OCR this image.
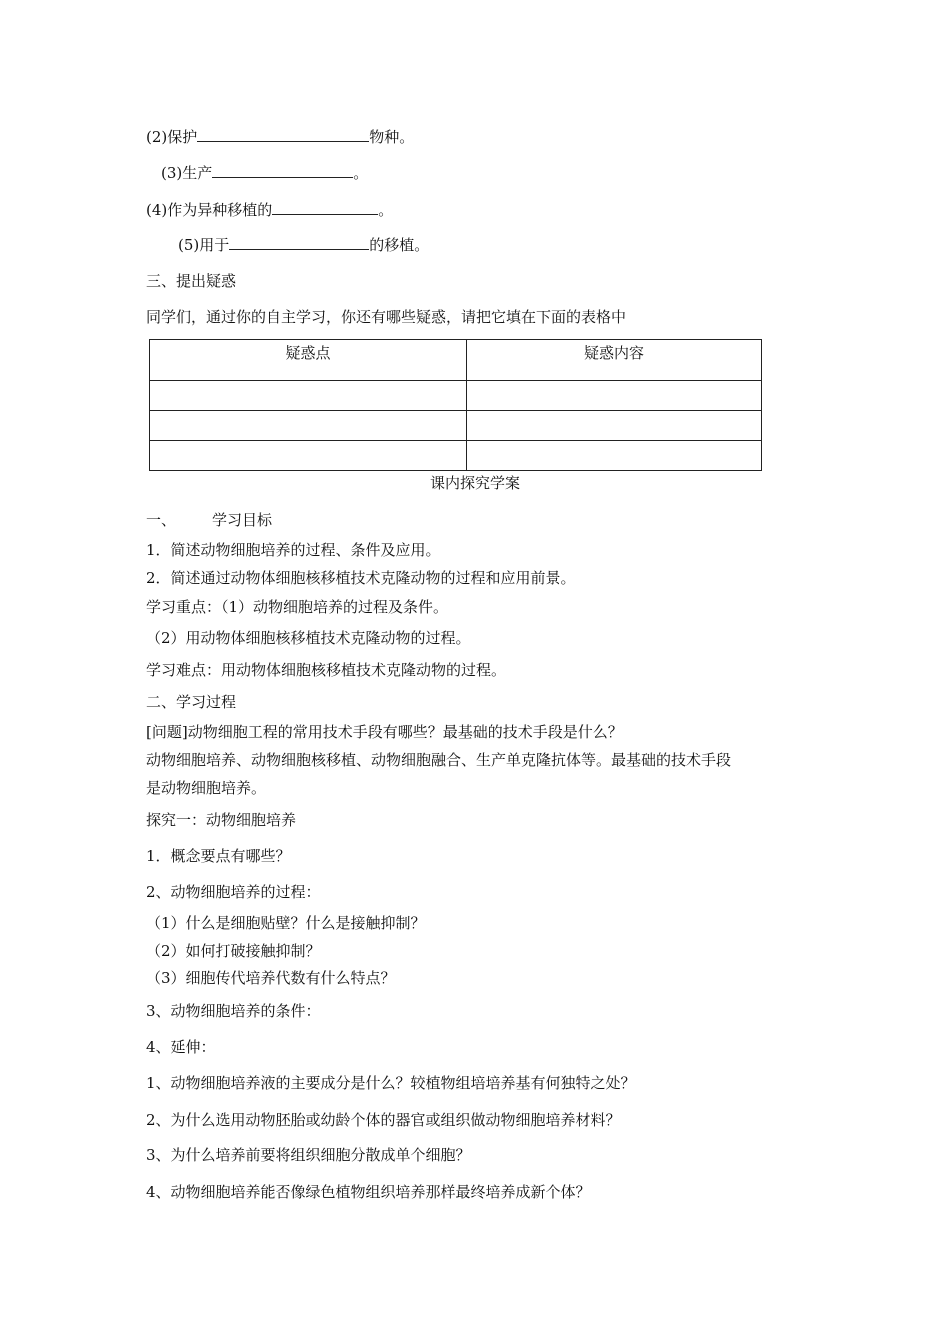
(2)保护	物种。
(3)生产	。
(4)作为异种移植的	。
(5)用于	的移植。
三、提出疑惑
同学们，通过你的自主学习，你还有哪些疑惑，请把它填在下面的表格中
疑惑点	疑惑内容

课内探究学案
一、 学习目标
1．简述动物细胞培养的过程、条件及应用。
2．简述通过动物体细胞核移植技术克隆动物的过程和应用前景。
学习重点：（1）动物细胞培养的过程及条件。
（2）用动物体细胞核移植技术克隆动物的过程。
学习难点：用动物体细胞核移植技术克隆动物的过程。
二、学习过程
[问题]动物细胞工程的常用技术手段有哪些？最基础的技术手段是什么？
动物细胞培养、动物细胞核移植、动物细胞融合、生产单克隆抗体等。最基础的技术手段
是动物细胞培养。
探究一：动物细胞培养
1．概念要点有哪些？
2、动物细胞培养的过程：
（1）什么是细胞贴壁？什么是接触抑制？
（2）如何打破接触抑制？
（3）细胞传代培养代数有什么特点？
3、动物细胞培养的条件：
4、延伸：
1、动物细胞培养液的主要成分是什么？较植物组培培养基有何独特之处？
2、为什么选用动物胚胎或幼龄个体的器官或组织做动物细胞培养材料？
3、为什么培养前要将组织细胞分散成单个细胞？
4、动物细胞培养能否像绿色植物组织培养那样最终培养成新个体？
